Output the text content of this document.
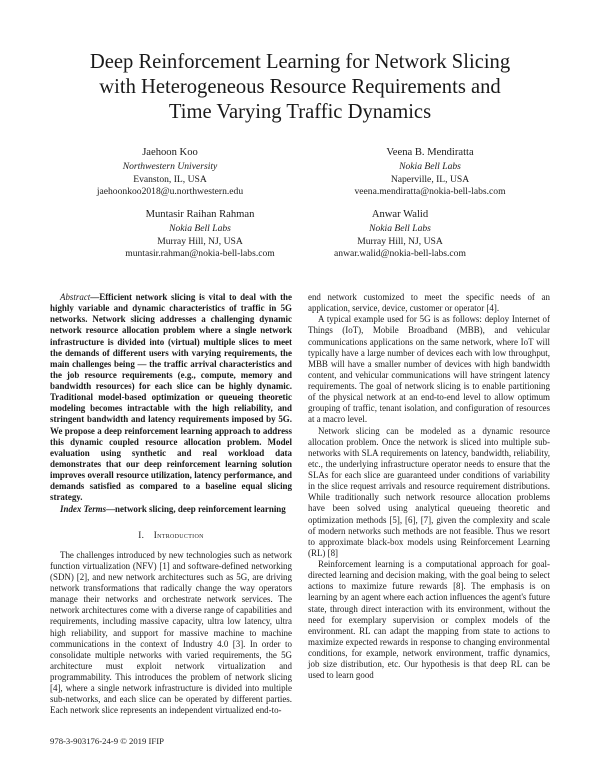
Deep Reinforcement Learning for Network Slicing
with Heterogeneous Resource Requirements and
Time Varying Traffic Dynamics
Jaehoon Koo
Northwestern University
Evanston, IL, USA
jaehoonkoo2018@u.northwestern.edu
Veena B. Mendiratta
Nokia Bell Labs
Naperville, IL, USA
veena.mendiratta@nokia-bell-labs.com
Muntasir Raihan Rahman
Nokia Bell Labs
Murray Hill, NJ, USA
muntasir.rahman@nokia-bell-labs.com
Anwar Walid
Nokia Bell Labs
Murray Hill, NJ, USA
anwar.walid@nokia-bell-labs.com

Abstract—Efficient network slicing is vital to deal with the highly variable and dynamic characteristics of traffic in 5G networks. Network slicing addresses a challenging dynamic network resource allocation problem where a single network infrastructure is divided into (virtual) multiple slices to meet the demands of different users with varying requirements, the main challenges being — the traffic arrival characteristics and the job resource requirements (e.g., compute, memory and bandwidth resources) for each slice can be highly dynamic. Traditional model-based optimization or queueing theoretic modeling becomes intractable with the high reliability, and stringent bandwidth and latency requirements imposed by 5G. We propose a deep reinforcement learning approach to address this dynamic coupled resource allocation problem. Model evaluation using synthetic and real workload data demonstrates that our deep reinforcement learning solution improves overall resource utilization, latency performance, and demands satisfied as compared to a baseline equal slicing strategy.

Index Terms—network slicing, deep reinforcement learning

I.  Introduction

The challenges introduced by new technologies such as network function virtualization (NFV) [1] and software-defined networking (SDN) [2], and new network architectures such as 5G, are driving network transformations that radically change the way operators manage their networks and orchestrate network services. The network architectures come with a diverse range of capabilities and requirements, including massive capacity, ultra low latency, ultra high reliability, and support for massive machine to machine communications in the context of Industry 4.0 [3]. In order to consolidate multiple networks with varied requirements, the 5G architecture must exploit network virtualization and programmability. This introduces the problem of network slicing [4], where a single network infrastructure is divided into multiple sub-networks, and each slice can be operated by different parties. Each network slice represents an independent virtualized end-to-

end network customized to meet the specific needs of an application, service, device, customer or operator [4].

A typical example used for 5G is as follows: deploy Internet of Things (IoT), Mobile Broadband (MBB), and vehicular communications applications on the same network, where IoT will typically have a large number of devices each with low throughput, MBB will have a smaller number of devices with high bandwidth content, and vehicular communications will have stringent latency requirements. The goal of network slicing is to enable partitioning of the physical network at an end-to-end level to allow optimum grouping of traffic, tenant isolation, and configuration of resources at a macro level.

Network slicing can be modeled as a dynamic resource allocation problem. Once the network is sliced into multiple sub-networks with SLA requirements on latency, bandwidth, reliability, etc., the underlying infrastructure operator needs to ensure that the SLAs for each slice are guaranteed under conditions of variability in the slice request arrivals and resource requirement distributions. While traditionally such network resource allocation problems have been solved using analytical queueing theoretic and optimization methods [5], [6], [7], given the complexity and scale of modern networks such methods are not feasible. Thus we resort to approximate black-box models using Reinforcement Learning (RL) [8]

Reinforcement learning is a computational approach for goal-directed learning and decision making, with the goal being to select actions to maximize future rewards [8]. The emphasis is on learning by an agent where each action influences the agent's future state, through direct interaction with its environment, without the need for exemplary supervision or complex models of the environment. RL can adapt the mapping from state to actions to maximize expected rewards in response to changing environmental conditions, for example, network environment, traffic dynamics, job size distribution, etc. Our hypothesis is that deep RL can be used to learn good

978-3-903176-24-9 © 2019 IFIP
